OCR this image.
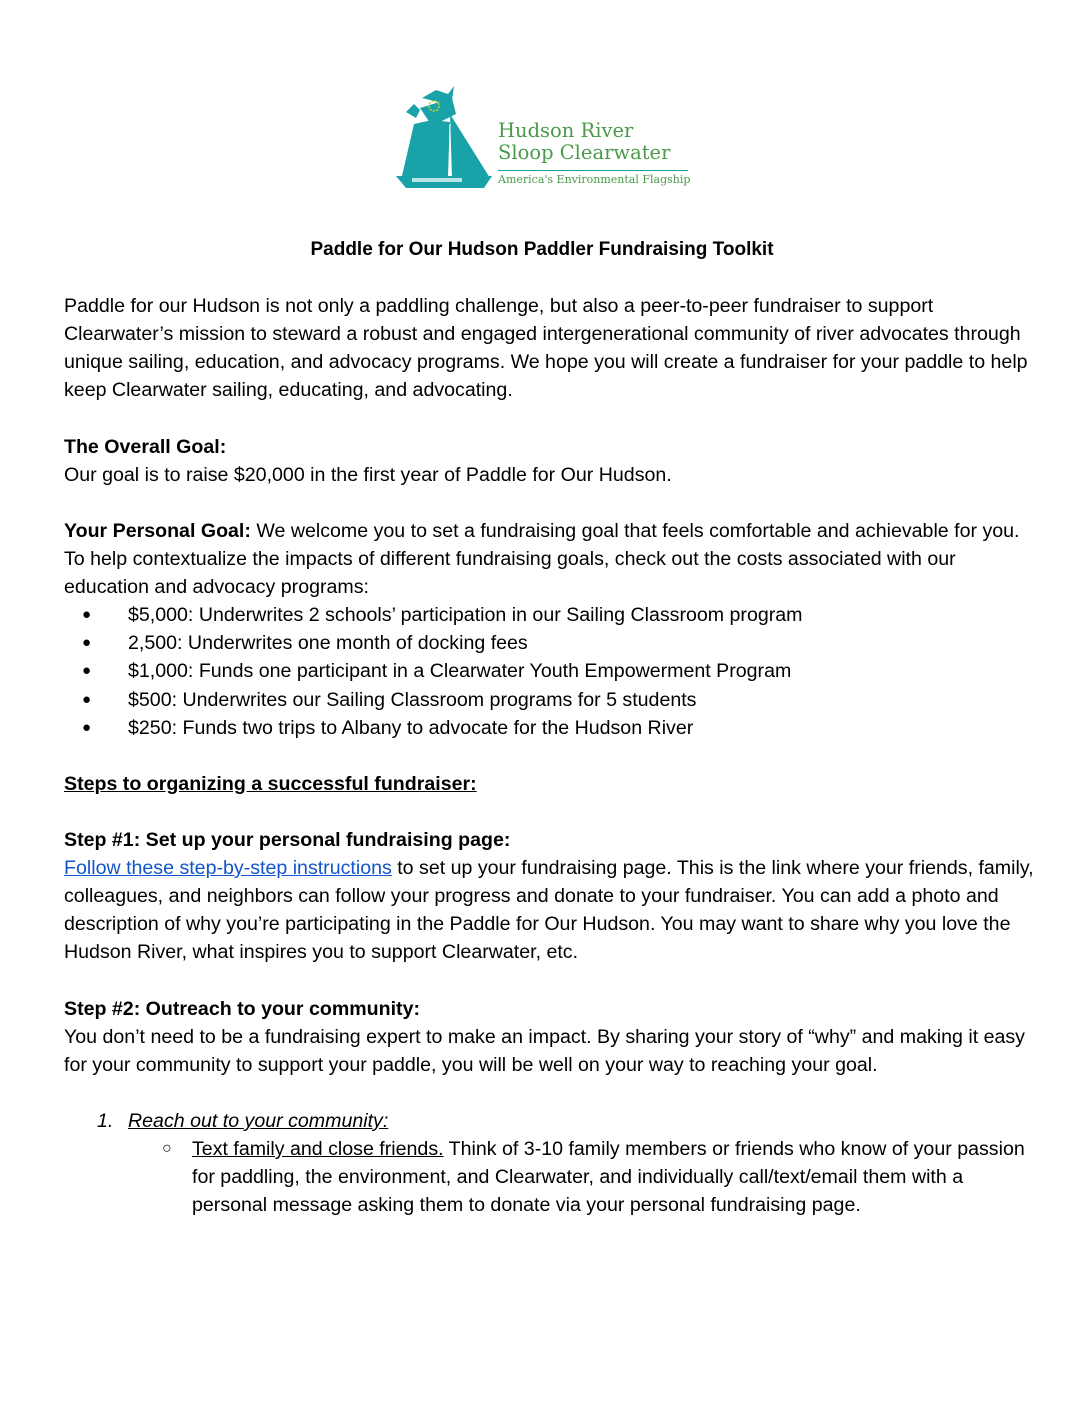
Hudson River
Sloop Clearwater
America's Environmental Flagship

Paddle for Our Hudson Paddler Fundraising Toolkit

Paddle for our Hudson is not only a paddling challenge, but also a peer-to-peer fundraiser to support Clearwater’s mission to steward a robust and engaged intergenerational community of river advocates through unique sailing, education, and advocacy programs. We hope you will create a fundraiser for your paddle to help keep Clearwater sailing, educating, and advocating.

The Overall Goal:

Our goal is to raise $20,000 in the first year of Paddle for Our Hudson.

Your Personal Goal: We welcome you to set a fundraising goal that feels comfortable and achievable for you. To help contextualize the impacts of different fundraising goals, check out the costs associated with our education and advocacy programs:

● $5,000: Underwrites 2 schools’ participation in our Sailing Classroom program
● 2,500: Underwrites one month of docking fees
● $1,000: Funds one participant in a Clearwater Youth Empowerment Program
● $500: Underwrites our Sailing Classroom programs for 5 students
● $250: Funds two trips to Albany to advocate for the Hudson River

Steps to organizing a successful fundraiser:

Step #1: Set up your personal fundraising page:

Follow these step-by-step instructions to set up your fundraising page. This is the link where your friends, family, colleagues, and neighbors can follow your progress and donate to your fundraiser. You can add a photo and description of why you’re participating in the Paddle for Our Hudson. You may want to share why you love the Hudson River, what inspires you to support Clearwater, etc.

Step #2: Outreach to your community:

You don’t need to be a fundraising expert to make an impact. By sharing your story of “why” and making it easy for your community to support your paddle, you will be well on your way to reaching your goal.

1. Reach out to your community:
○ Text family and close friends. Think of 3-10 family members or friends who know of your passion for paddling, the environment, and Clearwater, and individually call/text/email them with a personal message asking them to donate via your personal fundraising page.
